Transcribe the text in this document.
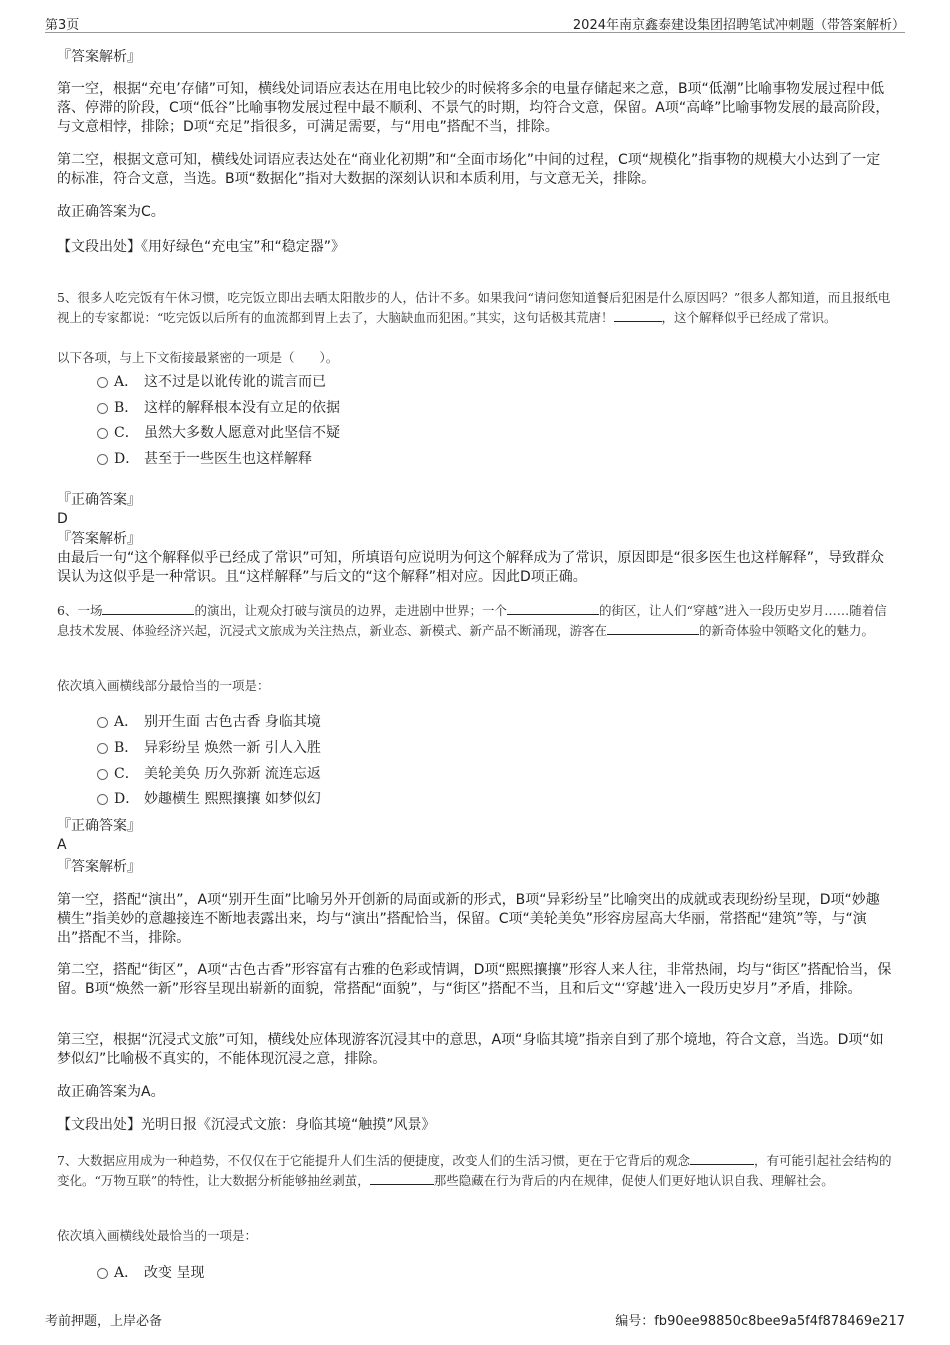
第3页	2024年南京鑫泰建设集团招聘笔试冲刺题（带答案解析）
『答案解析』
第一空，根据“充电’存储”可知，横线处词语应表达在用电比较少的时候将多余的电量存储起来之意，B项“低潮”比喻事物发展过程中低落、停滞的阶段，C项“低谷”比喻事物发展过程中最不顺利、不景气的时期，均符合文意，保留。A项“高峰”比喻事物发展的最高阶段，与文意相悖，排除；D项“充足”指很多，可满足需要，与“用电”搭配不当，排除。
第二空，根据文意可知，横线处词语应表达处在“商业化初期”和“全面市场化”中间的过程，C项“规模化”指事物的规模大小达到了一定的标准，符合文意，当选。B项“数据化”指对大数据的深刻认识和本质利用，与文意无关，排除。
故正确答案为C。
【文段出处】《用好绿色“充电宝”和“稳定器”》
5、很多人吃完饭有午休习惯，吃完饭立即出去晒太阳散步的人，估计不多。如果我问“请问您知道餐后犯困是什么原因吗？”很多人都知道，而且报纸电视上的专家都说：“吃完饭以后所有的血流都到胃上去了，大脑缺血而犯困。”其实，这句话极其荒唐！	，这个解释似乎已经成了常识。
以下各项，与上下文衔接最紧密的一项是（　　）。
A． 这不过是以讹传讹的谎言而已
B． 这样的解释根本没有立足的依据
C． 虽然大多数人愿意对此坚信不疑
D． 甚至于一些医生也这样解释
『正确答案』
D
『答案解析』
由最后一句“这个解释似乎已经成了常识”可知，所填语句应说明为何这个解释成为了常识，原因即是“很多医生也这样解释”，导致群众误认为这似乎是一种常识。且“这样解释”与后文的“这个解释”相对应。因此D项正确。
6、一场	的演出，让观众打破与演员的边界，走进剧中世界；一个	的街区，让人们“穿越”进入一段历史岁月……随着信息技术发展、体验经济兴起，沉浸式文旅成为关注热点，新业态、新模式、新产品不断涌现，游客在	的新奇体验中领略文化的魅力。
依次填入画横线部分最恰当的一项是：
A． 别开生面 古色古香 身临其境
B． 异彩纷呈 焕然一新 引人入胜
C． 美轮美奂 历久弥新 流连忘返
D． 妙趣横生 熙熙攘攘 如梦似幻
『正确答案』
A
『答案解析』
第一空，搭配“演出”，A项“别开生面”比喻另外开创新的局面或新的形式，B项“异彩纷呈”比喻突出的成就或表现纷纷呈现，D项“妙趣横生”指美妙的意趣接连不断地表露出来，均与“演出”搭配恰当，保留。C项“美轮美奂”形容房屋高大华丽，常搭配“建筑”等，与“演出”搭配不当，排除。
第二空，搭配“街区”，A项“古色古香”形容富有古雅的色彩或情调，D项“熙熙攘攘”形容人来人往，非常热闹，均与“街区”搭配恰当，保留。B项“焕然一新”形容呈现出崭新的面貌，常搭配“面貌”，与“街区”搭配不当，且和后文“‘穿越’进入一段历史岁月”矛盾，排除。
第三空，根据“沉浸式文旅”可知，横线处应体现游客沉浸其中的意思，A项“身临其境”指亲自到了那个境地，符合文意，当选。D项“如梦似幻”比喻极不真实的，不能体现沉浸之意，排除。
故正确答案为A。
【文段出处】光明日报《沉浸式文旅：身临其境“触摸”风景》
7、大数据应用成为一种趋势，不仅仅在于它能提升人们生活的便捷度，改变人们的生活习惯，更在于它背后的观念	，有可能引起社会结构的变化。“万物互联”的特性，让大数据分析能够抽丝剥茧，	那些隐藏在行为背后的内在规律，促使人们更好地认识自我、理解社会。
依次填入画横线处最恰当的一项是：
A． 改变 呈现
考前押题，上岸必备	编号：fb90ee98850c8bee9a5f4f878469e217
